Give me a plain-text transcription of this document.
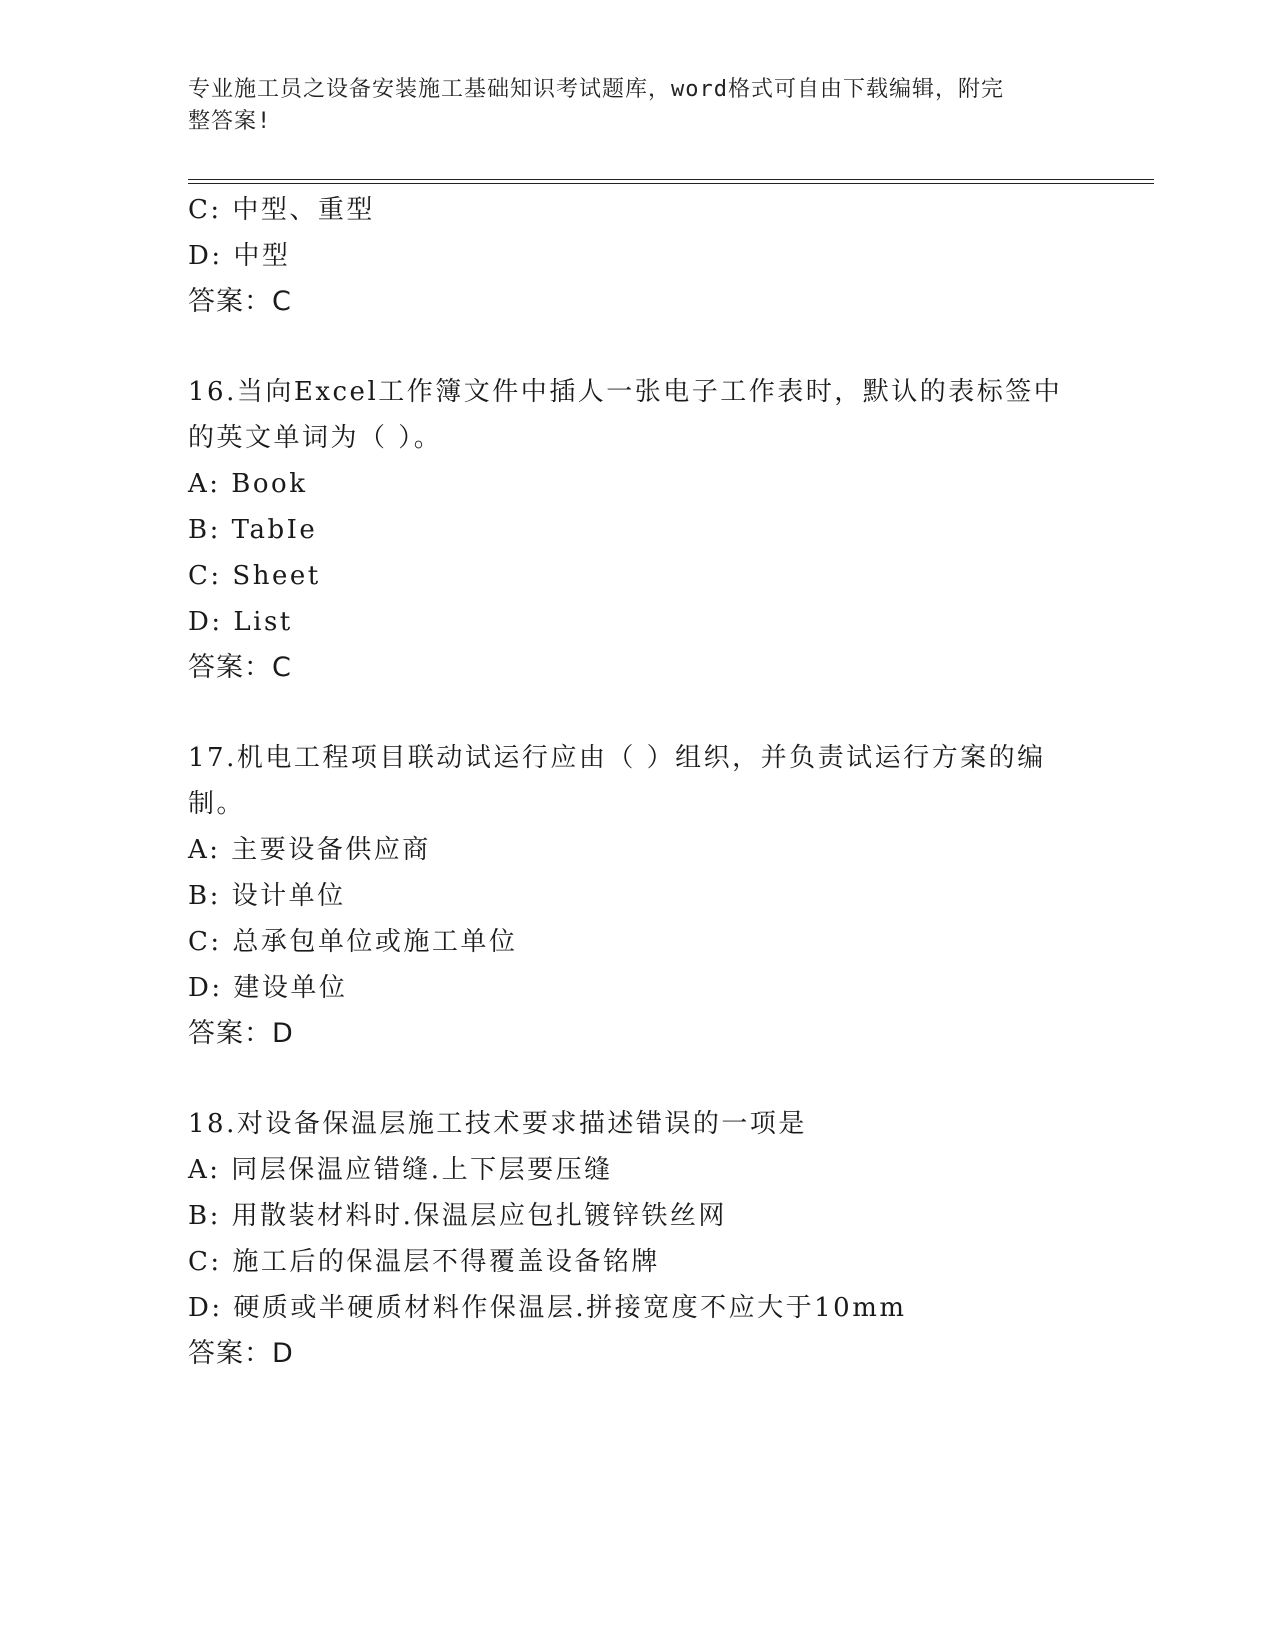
专业施工员之设备安装施工基础知识考试题库，word格式可自由下载编辑，附完
整答案!
C: 中型、重型
D: 中型
答案：C
16.当向Excel工作簿文件中插人一张电子工作表时，默认的表标签中
的英文单词为（ ）。
A: Book
B: TabIe
C: Sheet
D: List
答案：C
17.机电工程项目联动试运行应由（ ）组织，并负责试运行方案的编
制。
A: 主要设备供应商
B: 设计单位
C: 总承包单位或施工单位
D: 建设单位
答案：D
18.对设备保温层施工技术要求描述错误的一项是
A: 同层保温应错缝.上下层要压缝
B: 用散装材料时.保温层应包扎镀锌铁丝网
C: 施工后的保温层不得覆盖设备铭牌
D: 硬质或半硬质材料作保温层.拼接宽度不应大于10mm
答案：D
